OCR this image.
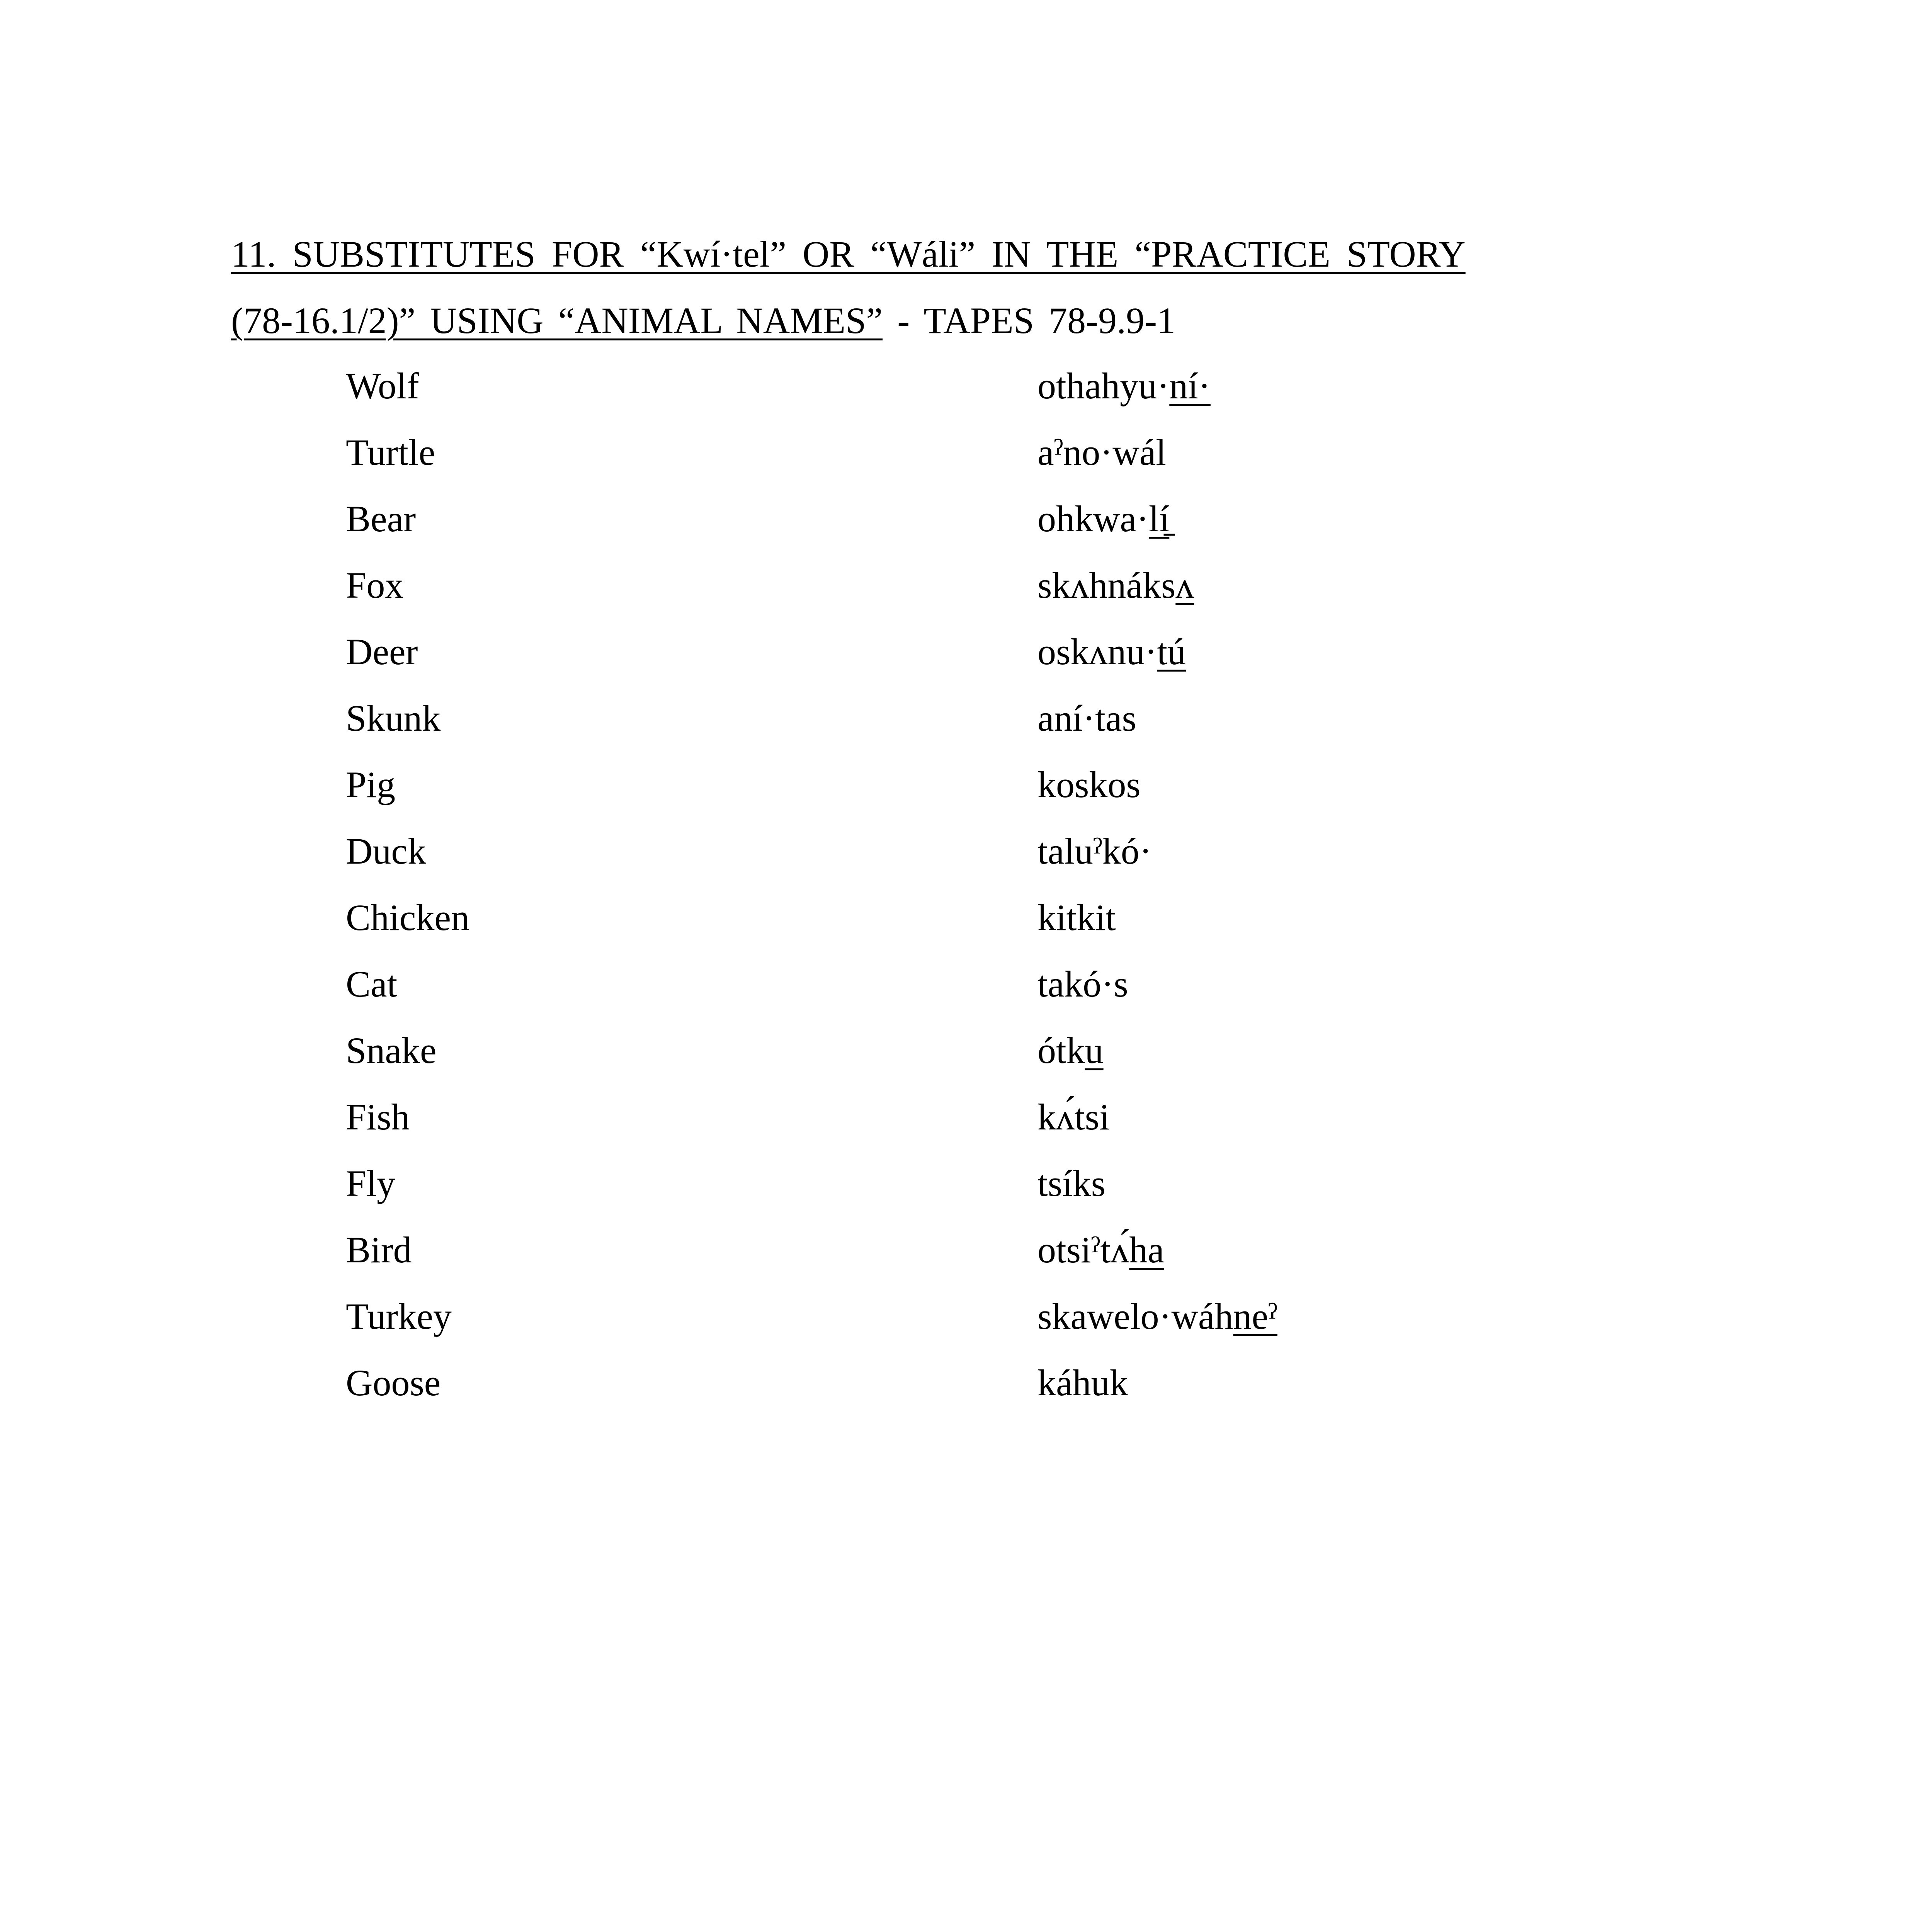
11. SUBSTITUTES FOR “Kwí·tel” OR “Wáli” IN THE “PRACTICE STORY
(78-16.1/2)” USING “ANIMAL NAMES” - TAPES 78-9.9-1
Wolf	othahyu·ní·
Turtle	aˀno·wál
Bear	ohkwa·lí̱
Fox	skʌhnáksʌ
Deer	oskʌnu·tú
Skunk	aní·tas
Pig	koskos
Duck	taluˀkó·
Chicken	kitkit
Cat	takó·s
Snake	ótku
Fish	kʌ́tsi
Fly	tsíks
Bird	otsiˀtʌ́ha
Turkey	skawelo·wáhneˀ
Goose	káhuk
